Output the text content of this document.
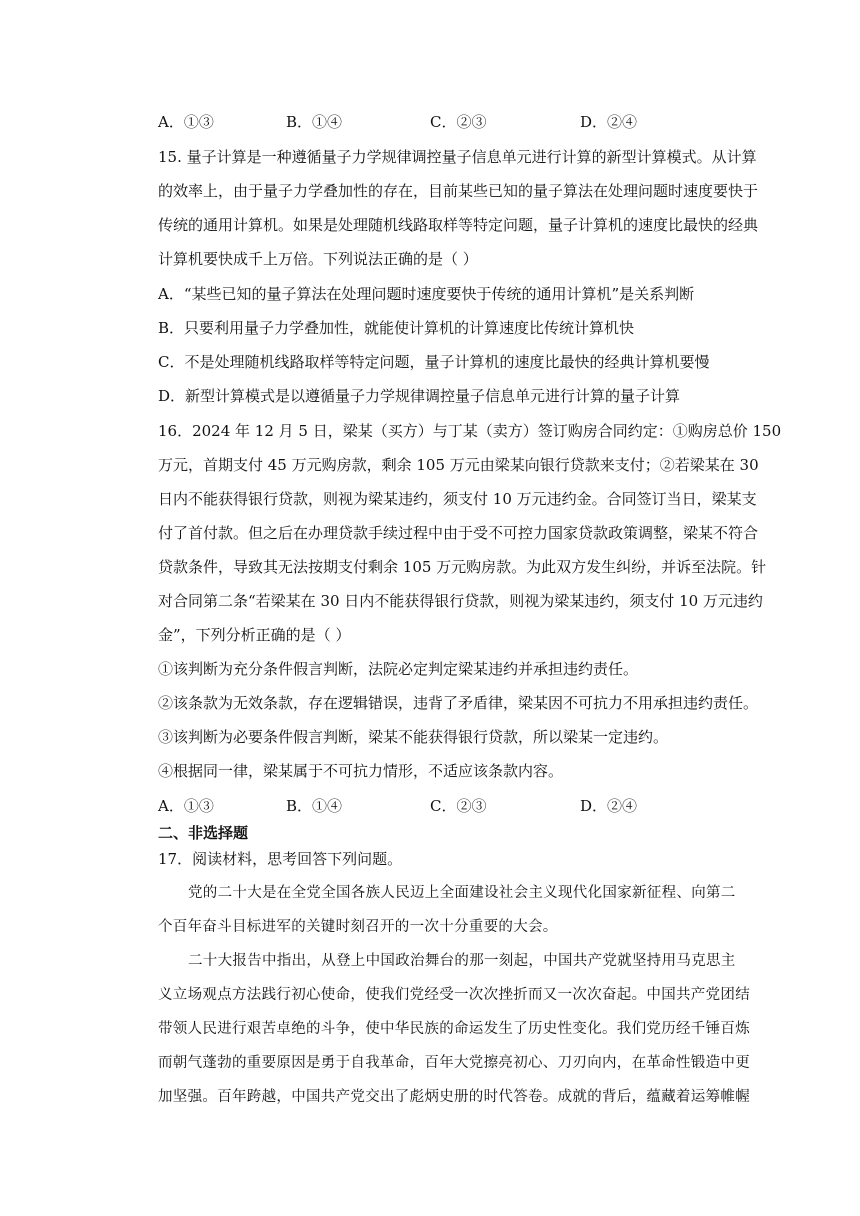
A．①③	B．①④	C．②③	D．②④
15. 量子计算是一种遵循量子力学规律调控量子信息单元进行计算的新型计算模式。从计算
的效率上，由于量子力学叠加性的存在，目前某些已知的量子算法在处理问题时速度要快于
传统的通用计算机。如果是处理随机线路取样等特定问题，量子计算机的速度比最快的经典
计算机要快成千上万倍。下列说法正确的是（ ）
A．“某些已知的量子算法在处理问题时速度要快于传统的通用计算机”是关系判断
B．只要利用量子力学叠加性，就能使计算机的计算速度比传统计算机快
C．不是处理随机线路取样等特定问题，量子计算机的速度比最快的经典计算机要慢
D．新型计算模式是以遵循量子力学规律调控量子信息单元进行计算的量子计算
16．2024 年 12 月 5 日，梁某（买方）与丁某（卖方）签订购房合同约定：①购房总价 150
万元，首期支付 45 万元购房款，剩余 105 万元由梁某向银行贷款来支付；②若梁某在 30
日内不能获得银行贷款，则视为梁某违约，须支付 10 万元违约金。合同签订当日，梁某支
付了首付款。但之后在办理贷款手续过程中由于受不可控力国家贷款政策调整，梁某不符合
贷款条件，导致其无法按期支付剩余 105 万元购房款。为此双方发生纠纷，并诉至法院。针
对合同第二条“若梁某在 30 日内不能获得银行贷款，则视为梁某违约，须支付 10 万元违约
金”，下列分析正确的是（ ）
①该判断为充分条件假言判断，法院必定判定梁某违约并承担违约责任。
②该条款为无效条款，存在逻辑错误，违背了矛盾律，梁某因不可抗力不用承担违约责任。
③该判断为必要条件假言判断，梁某不能获得银行贷款，所以梁某一定违约。
④根据同一律，梁某属于不可抗力情形，不适应该条款内容。
A．①③	B．①④	C．②③	D．②④
二、非选择题
17．阅读材料，思考回答下列问题。
党的二十大是在全党全国各族人民迈上全面建设社会主义现代化国家新征程、向第二
个百年奋斗目标进军的关键时刻召开的一次十分重要的大会。
二十大报告中指出，从登上中国政治舞台的那一刻起，中国共产党就坚持用马克思主
义立场观点方法践行初心使命，使我们党经受一次次挫折而又一次次奋起。中国共产党团结
带领人民进行艰苦卓绝的斗争，使中华民族的命运发生了历史性变化。我们党历经千锤百炼
而朝气蓬勃的重要原因是勇于自我革命，百年大党擦亮初心、刀刃向内，在革命性锻造中更
加坚强。百年跨越，中国共产党交出了彪炳史册的时代答卷。成就的背后，蕴藏着运筹帷幄
